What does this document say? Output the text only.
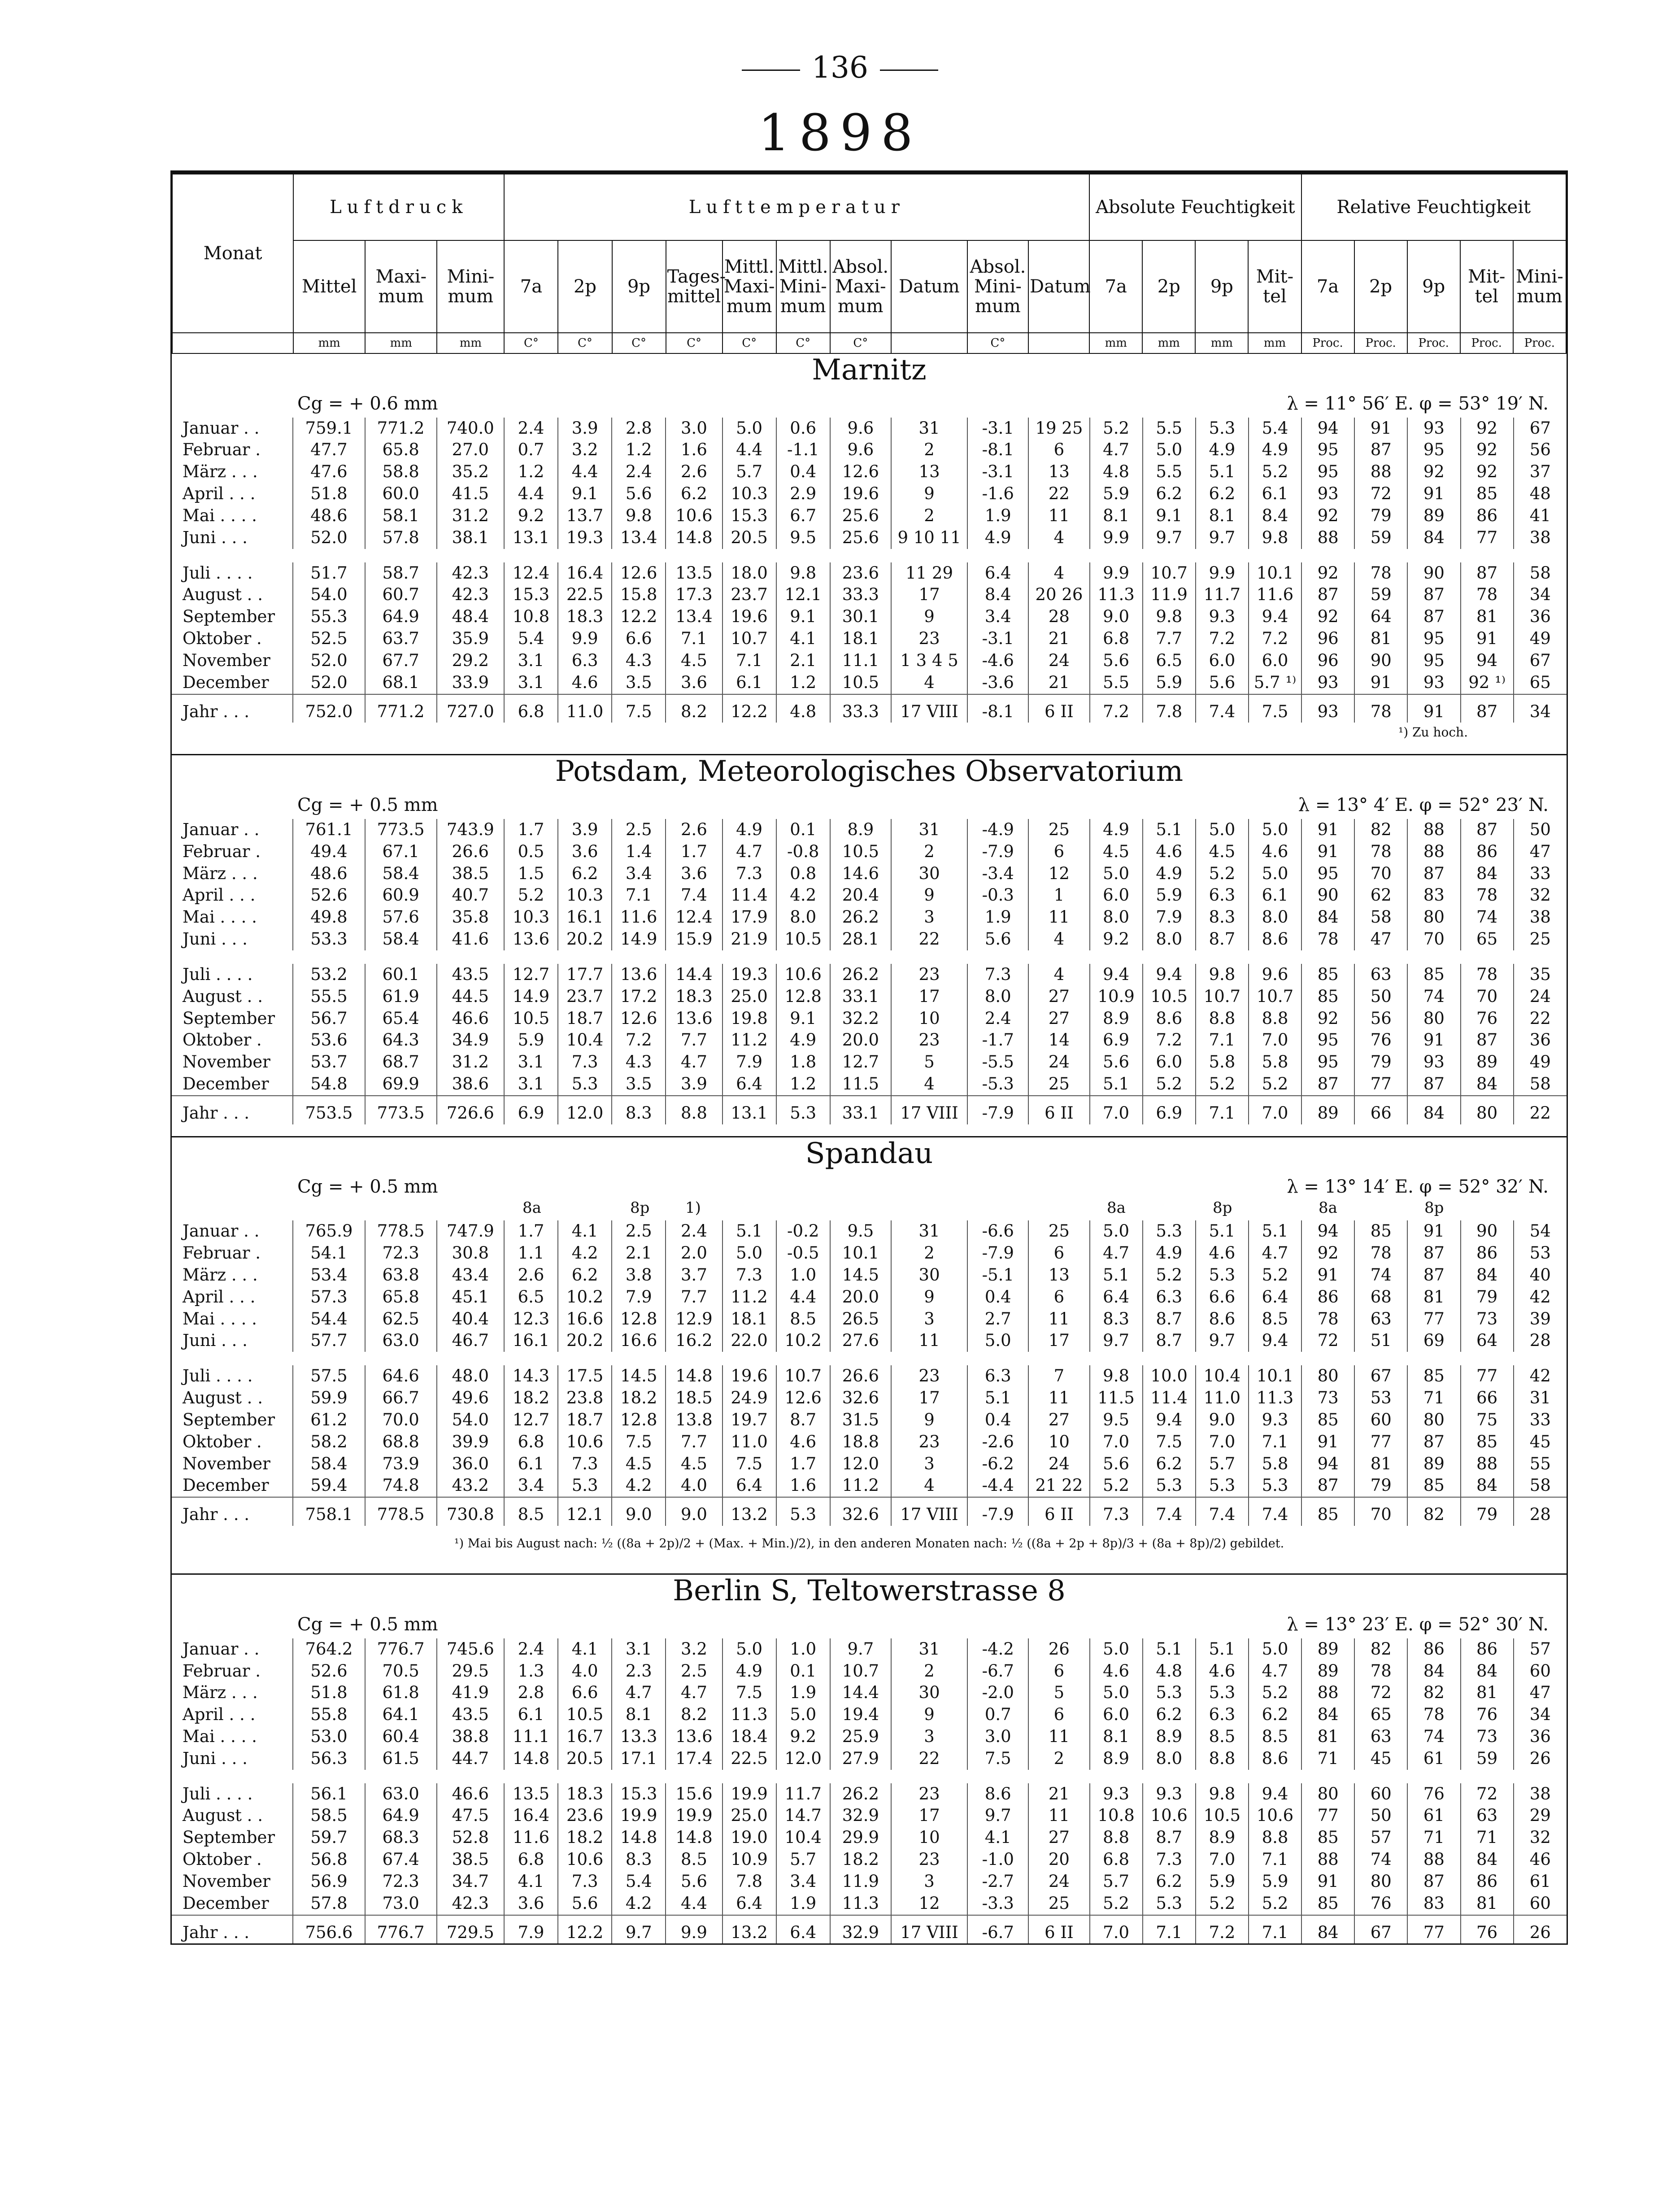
136
1898
Monat	Luftdruck			Lufttemperatur										Absolute Feuchtigkeit				Relative Feuchtigkeit				
	Mittel	Maxi-mum	Mini-mum	7a	2p	9p	Tages-mittel	Mittl. Maxi-mum	Mittl. Mini-mum	Absol. Maxi-mum	Datum	Absol. Mini-mum	Datum	7a	2p	9p	Mit-tel	7a	2p	9p	Mit-tel	Mini-mum
	mm	mm	mm	C°	C°	C°	C°	C°	C°	C°		C°		mm	mm	mm	mm	Proc.	Proc.	Proc.	Proc.	Proc.
Marnitz
Cg = + 0.6 mm	λ = 11° 56′ E. φ = 53° 19′ N.
Januar . .	759.1	771.2	740.0	2.4	3.9	2.8	3.0	5.0	0.6	9.6	31	-3.1	19 25	5.2	5.5	5.3	5.4	94	91	93	92	67
Februar .	47.7	65.8	27.0	0.7	3.2	1.2	1.6	4.4	-1.1	9.6	2	-8.1	6	4.7	5.0	4.9	4.9	95	87	95	92	56
März . . .	47.6	58.8	35.2	1.2	4.4	2.4	2.6	5.7	0.4	12.6	13	-3.1	13	4.8	5.5	5.1	5.2	95	88	92	92	37
April . . .	51.8	60.0	41.5	4.4	9.1	5.6	6.2	10.3	2.9	19.6	9	-1.6	22	5.9	6.2	6.2	6.1	93	72	91	85	48
Mai . . . .	48.6	58.1	31.2	9.2	13.7	9.8	10.6	15.3	6.7	25.6	2	1.9	11	8.1	9.1	8.1	8.4	92	79	89	86	41
Juni . . .	52.0	57.8	38.1	13.1	19.3	13.4	14.8	20.5	9.5	25.6	9 10 11	4.9	4	9.9	9.7	9.7	9.8	88	59	84	77	38

Juli . . . .	51.7	58.7	42.3	12.4	16.4	12.6	13.5	18.0	9.8	23.6	11 29	6.4	4	9.9	10.7	9.9	10.1	92	78	90	87	58
August . .	54.0	60.7	42.3	15.3	22.5	15.8	17.3	23.7	12.1	33.3	17	8.4	20 26	11.3	11.9	11.7	11.6	87	59	87	78	34
September	55.3	64.9	48.4	10.8	18.3	12.2	13.4	19.6	9.1	30.1	9	3.4	28	9.0	9.8	9.3	9.4	92	64	87	81	36
Oktober .	52.5	63.7	35.9	5.4	9.9	6.6	7.1	10.7	4.1	18.1	23	-3.1	21	6.8	7.7	7.2	7.2	96	81	95	91	49
November	52.0	67.7	29.2	3.1	6.3	4.3	4.5	7.1	2.1	11.1	1 3 4 5	-4.6	24	5.6	6.5	6.0	6.0	96	90	95	94	67
December	52.0	68.1	33.9	3.1	4.6	3.5	3.6	6.1	1.2	10.5	4	-3.6	21	5.5	5.9	5.6	5.7 ¹⁾	93	91	93	92 ¹⁾	65
Jahr . . .	752.0	771.2	727.0	6.8	11.0	7.5	8.2	12.2	4.8	33.3	17 VIII	-8.1	6 II	7.2	7.8	7.4	7.5	93	78	91	87	34
¹) Zu hoch.
Potsdam, Meteorologisches Observatorium
Cg = + 0.5 mm	λ = 13° 4′ E. φ = 52° 23′ N.
Januar . .	761.1	773.5	743.9	1.7	3.9	2.5	2.6	4.9	0.1	8.9	31	-4.9	25	4.9	5.1	5.0	5.0	91	82	88	87	50
Februar .	49.4	67.1	26.6	0.5	3.6	1.4	1.7	4.7	-0.8	10.5	2	-7.9	6	4.5	4.6	4.5	4.6	91	78	88	86	47
März . . .	48.6	58.4	38.5	1.5	6.2	3.4	3.6	7.3	0.8	14.6	30	-3.4	12	5.0	4.9	5.2	5.0	95	70	87	84	33
April . . .	52.6	60.9	40.7	5.2	10.3	7.1	7.4	11.4	4.2	20.4	9	-0.3	1	6.0	5.9	6.3	6.1	90	62	83	78	32
Mai . . . .	49.8	57.6	35.8	10.3	16.1	11.6	12.4	17.9	8.0	26.2	3	1.9	11	8.0	7.9	8.3	8.0	84	58	80	74	38
Juni . . .	53.3	58.4	41.6	13.6	20.2	14.9	15.9	21.9	10.5	28.1	22	5.6	4	9.2	8.0	8.7	8.6	78	47	70	65	25

Juli . . . .	53.2	60.1	43.5	12.7	17.7	13.6	14.4	19.3	10.6	26.2	23	7.3	4	9.4	9.4	9.8	9.6	85	63	85	78	35
August . .	55.5	61.9	44.5	14.9	23.7	17.2	18.3	25.0	12.8	33.1	17	8.0	27	10.9	10.5	10.7	10.7	85	50	74	70	24
September	56.7	65.4	46.6	10.5	18.7	12.6	13.6	19.8	9.1	32.2	10	2.4	27	8.9	8.6	8.8	8.8	92	56	80	76	22
Oktober .	53.6	64.3	34.9	5.9	10.4	7.2	7.7	11.2	4.9	20.0	23	-1.7	14	6.9	7.2	7.1	7.0	95	76	91	87	36
November	53.7	68.7	31.2	3.1	7.3	4.3	4.7	7.9	1.8	12.7	5	-5.5	24	5.6	6.0	5.8	5.8	95	79	93	89	49
December	54.8	69.9	38.6	3.1	5.3	3.5	3.9	6.4	1.2	11.5	4	-5.3	25	5.1	5.2	5.2	5.2	87	77	87	84	58
Jahr . . .	753.5	773.5	726.6	6.9	12.0	8.3	8.8	13.1	5.3	33.1	17 VIII	-7.9	6 II	7.0	6.9	7.1	7.0	89	66	84	80	22
Spandau
Cg = + 0.5 mm	λ = 13° 14′ E. φ = 52° 32′ N.
8a	8p	8a	8p	8a	8p
1)
Januar . .	765.9	778.5	747.9	1.7	4.1	2.5	2.4	5.1	-0.2	9.5	31	-6.6	25	5.0	5.3	5.1	5.1	94	85	91	90	54
Februar .	54.1	72.3	30.8	1.1	4.2	2.1	2.0	5.0	-0.5	10.1	2	-7.9	6	4.7	4.9	4.6	4.7	92	78	87	86	53
März . . .	53.4	63.8	43.4	2.6	6.2	3.8	3.7	7.3	1.0	14.5	30	-5.1	13	5.1	5.2	5.3	5.2	91	74	87	84	40
April . . .	57.3	65.8	45.1	6.5	10.2	7.9	7.7	11.2	4.4	20.0	9	0.4	6	6.4	6.3	6.6	6.4	86	68	81	79	42
Mai . . . .	54.4	62.5	40.4	12.3	16.6	12.8	12.9	18.1	8.5	26.5	3	2.7	11	8.3	8.7	8.6	8.5	78	63	77	73	39
Juni . . .	57.7	63.0	46.7	16.1	20.2	16.6	16.2	22.0	10.2	27.6	11	5.0	17	9.7	8.7	9.7	9.4	72	51	69	64	28

Juli . . . .	57.5	64.6	48.0	14.3	17.5	14.5	14.8	19.6	10.7	26.6	23	6.3	7	9.8	10.0	10.4	10.1	80	67	85	77	42
August . .	59.9	66.7	49.6	18.2	23.8	18.2	18.5	24.9	12.6	32.6	17	5.1	11	11.5	11.4	11.0	11.3	73	53	71	66	31
September	61.2	70.0	54.0	12.7	18.7	12.8	13.8	19.7	8.7	31.5	9	0.4	27	9.5	9.4	9.0	9.3	85	60	80	75	33
Oktober .	58.2	68.8	39.9	6.8	10.6	7.5	7.7	11.0	4.6	18.8	23	-2.6	10	7.0	7.5	7.0	7.1	91	77	87	85	45
November	58.4	73.9	36.0	6.1	7.3	4.5	4.5	7.5	1.7	12.0	3	-6.2	24	5.6	6.2	5.7	5.8	94	81	89	88	55
December	59.4	74.8	43.2	3.4	5.3	4.2	4.0	6.4	1.6	11.2	4	-4.4	21 22	5.2	5.3	5.3	5.3	87	79	85	84	58
Jahr . . .	758.1	778.5	730.8	8.5	12.1	9.0	9.0	13.2	5.3	32.6	17 VIII	-7.9	6 II	7.3	7.4	7.4	7.4	85	70	82	79	28
¹) Mai bis August nach: ½ ((8a + 2p)/2 + (Max. + Min.)/2), in den anderen Monaten nach: ½ ((8a + 2p + 8p)/3 + (8a + 8p)/2) gebildet.
Berlin S, Teltowerstrasse 8
Cg = + 0.5 mm	λ = 13° 23′ E. φ = 52° 30′ N.
Januar . .	764.2	776.7	745.6	2.4	4.1	3.1	3.2	5.0	1.0	9.7	31	-4.2	26	5.0	5.1	5.1	5.0	89	82	86	86	57
Februar .	52.6	70.5	29.5	1.3	4.0	2.3	2.5	4.9	0.1	10.7	2	-6.7	6	4.6	4.8	4.6	4.7	89	78	84	84	60
März . . .	51.8	61.8	41.9	2.8	6.6	4.7	4.7	7.5	1.9	14.4	30	-2.0	5	5.0	5.3	5.3	5.2	88	72	82	81	47
April . . .	55.8	64.1	43.5	6.1	10.5	8.1	8.2	11.3	5.0	19.4	9	0.7	6	6.0	6.2	6.3	6.2	84	65	78	76	34
Mai . . . .	53.0	60.4	38.8	11.1	16.7	13.3	13.6	18.4	9.2	25.9	3	3.0	11	8.1	8.9	8.5	8.5	81	63	74	73	36
Juni . . .	56.3	61.5	44.7	14.8	20.5	17.1	17.4	22.5	12.0	27.9	22	7.5	2	8.9	8.0	8.8	8.6	71	45	61	59	26

Juli . . . .	56.1	63.0	46.6	13.5	18.3	15.3	15.6	19.9	11.7	26.2	23	8.6	21	9.3	9.3	9.8	9.4	80	60	76	72	38
August . .	58.5	64.9	47.5	16.4	23.6	19.9	19.9	25.0	14.7	32.9	17	9.7	11	10.8	10.6	10.5	10.6	77	50	61	63	29
September	59.7	68.3	52.8	11.6	18.2	14.8	14.8	19.0	10.4	29.9	10	4.1	27	8.8	8.7	8.9	8.8	85	57	71	71	32
Oktober .	56.8	67.4	38.5	6.8	10.6	8.3	8.5	10.9	5.7	18.2	23	-1.0	20	6.8	7.3	7.0	7.1	88	74	88	84	46
November	56.9	72.3	34.7	4.1	7.3	5.4	5.6	7.8	3.4	11.9	3	-2.7	24	5.7	6.2	5.9	5.9	91	80	87	86	61
December	57.8	73.0	42.3	3.6	5.6	4.2	4.4	6.4	1.9	11.3	12	-3.3	25	5.2	5.3	5.2	5.2	85	76	83	81	60
Jahr . . .	756.6	776.7	729.5	7.9	12.2	9.7	9.9	13.2	6.4	32.9	17 VIII	-6.7	6 II	7.0	7.1	7.2	7.1	84	67	77	76	26
